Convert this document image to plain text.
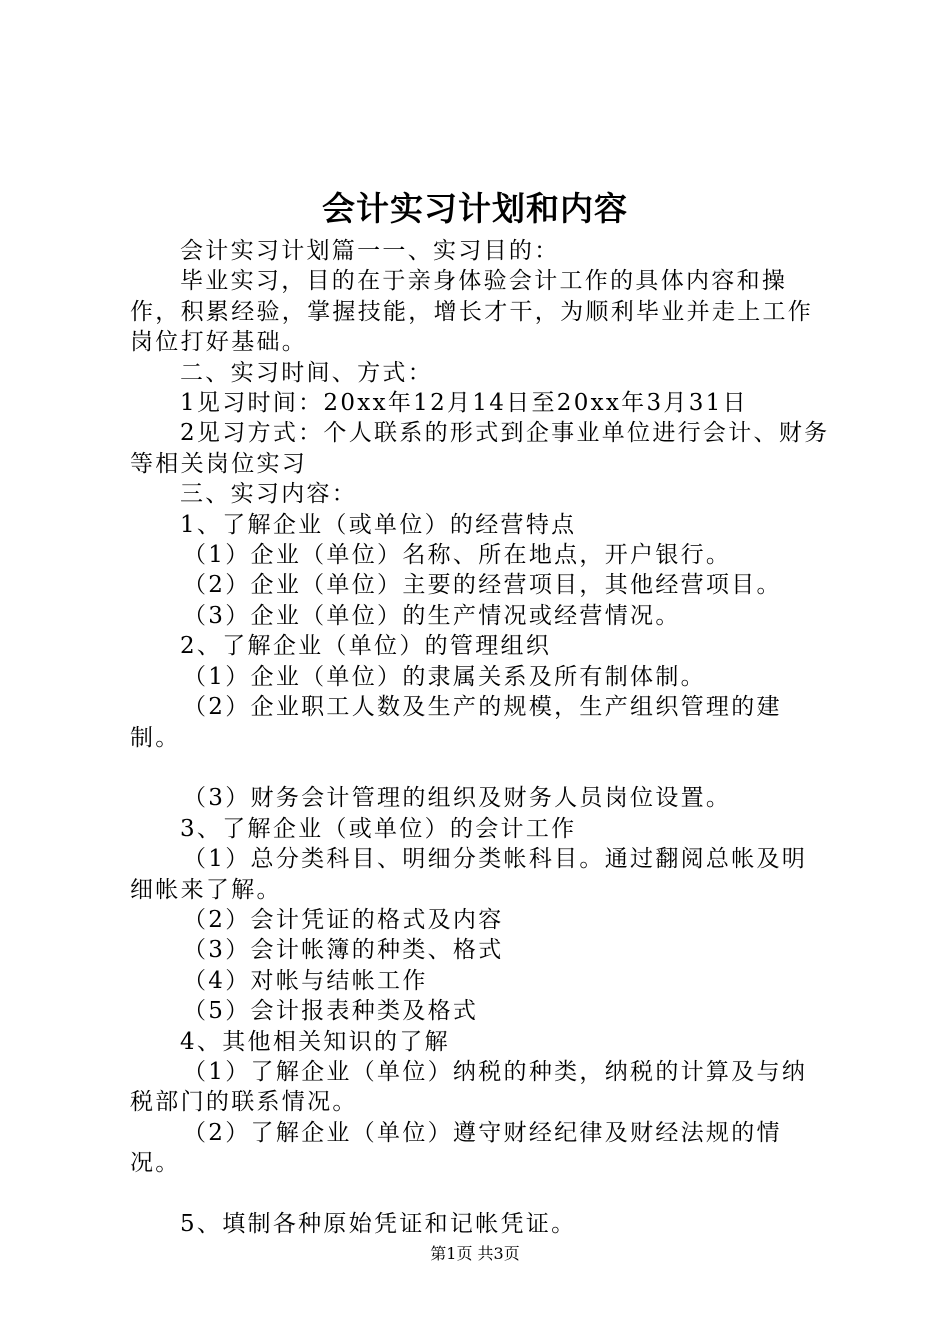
会计实习计划和内容

会计实习计划篇一一、实习目的：

毕业实习，目的在于亲身体验会计工作的具体内容和操作，积累经验，掌握技能，增长才干，为顺利毕业并走上工作岗位打好基础。

二、实习时间、方式：

1见习时间：20xx年12月14日至20xx年3月31日

2见习方式：个人联系的形式到企事业单位进行会计、财务等相关岗位实习

三、实习内容：

1、了解企业（或单位）的经营特点

（1）企业（单位）名称、所在地点，开户银行。

（2）企业（单位）主要的经营项目，其他经营项目。

（3）企业（单位）的生产情况或经营情况。

2、了解企业（单位）的管理组织

（1）企业（单位）的隶属关系及所有制体制。

（2）企业职工人数及生产的规模，生产组织管理的建制。

（3）财务会计管理的组织及财务人员岗位设置。

3、了解企业（或单位）的会计工作

（1）总分类科目、明细分类帐科目。通过翻阅总帐及明细帐来了解。

（2）会计凭证的格式及内容

（3）会计帐簿的种类、格式

（4）对帐与结帐工作

（5）会计报表种类及格式

4、其他相关知识的了解

（1）了解企业（单位）纳税的种类，纳税的计算及与纳税部门的联系情况。

（2）了解企业（单位）遵守财经纪律及财经法规的情况。

5、填制各种原始凭证和记帐凭证。

第1页 共3页
